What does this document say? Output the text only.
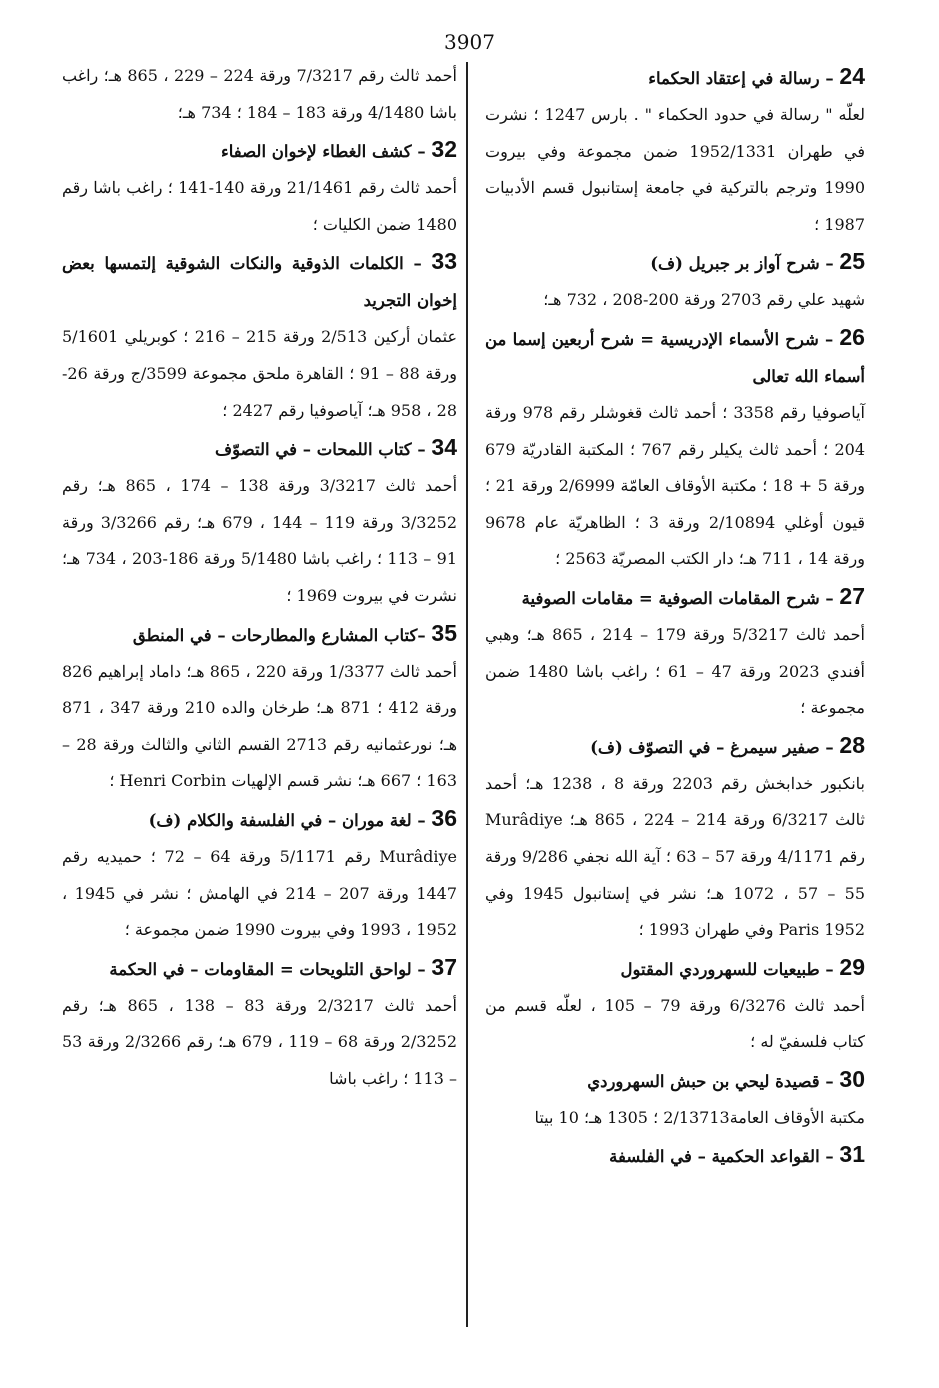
3907

24 – رسالة في إعتقاد الحكماء

لعلّه " رسالة في حدود الحكماء " . بارس 1247 ؛ نشرت في طهران 1952/1331 ضمن مجموعة وفي بيروت 1990 وترجم بالتركية في جامعة إستانبول قسم الأدبيات 1987 ؛

25 – شرح آواز بر جبريل (ف)

شهيد علي رقم 2703 ورقة 200-208 ، 732 هـ؛

26 – شرح الأسماء الإدريسية = شرح أربعين إسما من أسماء الله تعالى

آياصوفيا رقم 3358 ؛ أحمد ثالث قغوشلر رقم 978 ورقة 204 ؛ أحمد ثالث يكيلر رقم 767 ؛ المكتبة القادريّة 679 ورقة 5 + 18 ؛ مكتبة الأوقاف العامّة 2/6999 ورقة 21 ؛ قيون أوغلي 2/10894 ورقة 3 ؛ الظاهريّة عام 9678 ورقة 14 ، 711 هـ؛ دار الكتب المصريّة 2563 ؛

27 – شرح المقامات الصوفية = مقامات الصوفية

أحمد ثالث 5/3217 ورقة 179 – 214 ، 865 هـ؛ وهبي أفندي 2023 ورقة 47 – 61 ؛ راغب باشا 1480 ضمن مجموعة ؛

28 – صفير سيمرغ – في التصوّف (ف)

بانكبور خدابخش رقم 2203 ورقة 8 ، 1238 هـ؛ أحمد ثالث 6/3217 ورقة 214 – 224 ، 865 هـ؛ Murâdiye رقم 4/1171 ورقة 57 – 63 ؛ آية الله نجفي 9/286 ورقة 55 – 57 ، 1072 هـ؛ نشر في إستانبول 1945 وفي Paris 1952 وفي طهران 1993 ؛

29 – طبيعيات للسهروردي المقتول

أحمد ثالث 6/3276 ورقة 79 – 105 ، لعلّه قسم من كتاب فلسفيّ له ؛

30 – قصيدة ليحي بن حبش السهروردي

مكتبة الأوقاف العامة2/13713 ؛ 1305 هـ؛ 10 بيتا

31 – القواعد الحكمية – في الفلسفة

أحمد ثالث رقم 7/3217 ورقة 224 – 229 ، 865 هـ؛ راغب باشا 4/1480 ورقة 183 – 184 ؛ 734 هـ؛

32 – كشف الغطاء لإخوان الصفاء

أحمد ثالث رقم 21/1461 ورقة 140-141 ؛ راغب باشا رقم 1480 ضمن الكليات ؛

33 – الكلمات الذوقية والنكات الشوقية إلتمسها بعض إخوان التجريد

عثمان أركين 2/513 ورقة 215 – 216 ؛ كوبريلي 5/1601 ورقة 88 – 91 ؛ القاهرة ملحق مجموعة 3599/ج ورقة 26-28 ، 958 هـ؛ آياصوفيا رقم 2427 ؛

34 – كتاب اللمحات – في التصوّف

أحمد ثالث 3/3217 ورقة 138 – 174 ، 865 هـ؛ رقم 3/3252 ورقة 119 – 144 ، 679 هـ؛ رقم 3/3266 ورقة 91 – 113 ؛ راغب باشا 5/1480 ورقة 186-203 ، 734 هـ؛ نشرت في بيروت 1969 ؛

35 –كتاب المشارع والمطارحات – في المنطق

أحمد ثالث 1/3377 ورقة 220 ، 865 هـ؛ داماد إبراهيم 826 ورقة 412 ؛ 871 هـ؛ طرخان والده 210 ورقة 347 ، 871 هـ؛ نورعثمانيه رقم 2713 القسم الثاني والثالث ورقة 28 – 163 ؛ 667 هـ؛ نشر قسم الإلهيات Henri Corbin ؛

36 – لغة موران – في الفلسفة والكلام (ف)

Murâdiye رقم 5/1171 ورقة 64 – 72 ؛ حميديه رقم 1447 ورقة 207 – 214 في الهامش ؛ نشر في 1945 ، 1952 ، 1993 وفي بيروت 1990 ضمن مجموعة ؛

37 – لواحق التلويحات = المقاومات – في الحكمة

أحمد ثالث 2/3217 ورقة 83 – 138 ، 865 هـ؛ رقم 2/3252 ورقة 68 – 119 ، 679 هـ؛ رقم 2/3266 ورقة 53 – 113 ؛ راغب باشا
